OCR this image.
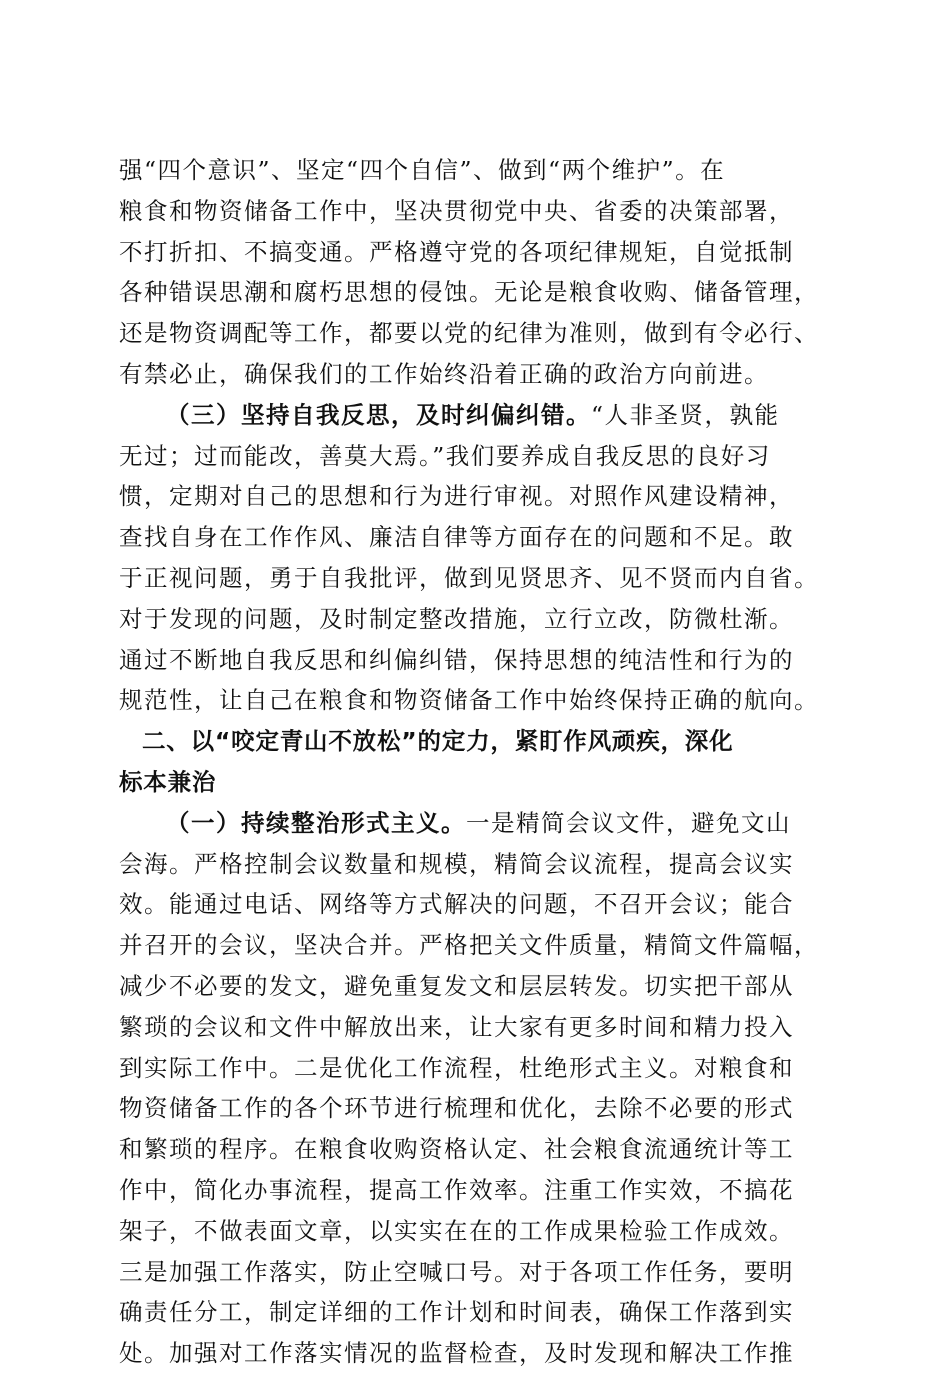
强“四个意识”、坚定“四个自信”、做到“两个维护”。在
粮食和物资储备工作中，坚决贯彻党中央、省委的决策部署，
不打折扣、不搞变通。严格遵守党的各项纪律规矩，自觉抵制
各种错误思潮和腐朽思想的侵蚀。无论是粮食收购、储备管理，
还是物资调配等工作，都要以党的纪律为准则，做到有令必行、
有禁必止，确保我们的工作始终沿着正确的政治方向前进。
（三）坚持自我反思，及时纠偏纠错。“人非圣贤，孰能
无过；过而能改，善莫大焉。”我们要养成自我反思的良好习
惯，定期对自己的思想和行为进行审视。对照作风建设精神，
查找自身在工作作风、廉洁自律等方面存在的问题和不足。敢
于正视问题，勇于自我批评，做到见贤思齐、见不贤而内自省。
对于发现的问题，及时制定整改措施，立行立改，防微杜渐。
通过不断地自我反思和纠偏纠错，保持思想的纯洁性和行为的
规范性，让自己在粮食和物资储备工作中始终保持正确的航向。
二、以“咬定青山不放松”的定力，紧盯作风顽疾，深化
标本兼治
（一）持续整治形式主义。一是精简会议文件，避免文山
会海。严格控制会议数量和规模，精简会议流程，提高会议实
效。能通过电话、网络等方式解决的问题，不召开会议；能合
并召开的会议，坚决合并。严格把关文件质量，精简文件篇幅，
减少不必要的发文，避免重复发文和层层转发。切实把干部从
繁琐的会议和文件中解放出来，让大家有更多时间和精力投入
到实际工作中。二是优化工作流程，杜绝形式主义。对粮食和
物资储备工作的各个环节进行梳理和优化，去除不必要的形式
和繁琐的程序。在粮食收购资格认定、社会粮食流通统计等工
作中，简化办事流程，提高工作效率。注重工作实效，不搞花
架子，不做表面文章，以实实在在的工作成果检验工作成效。
三是加强工作落实，防止空喊口号。对于各项工作任务，要明
确责任分工，制定详细的工作计划和时间表，确保工作落到实
处。加强对工作落实情况的监督检查，及时发现和解决工作推
